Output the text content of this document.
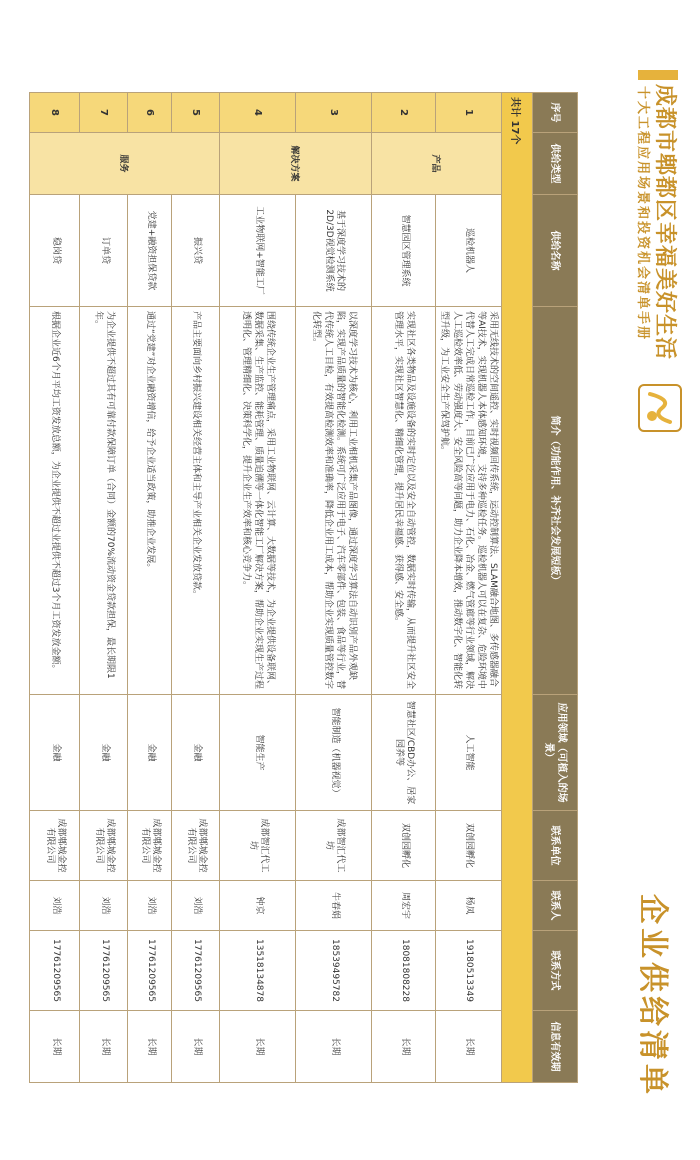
成都市郫都区幸福美好生活
十大工程应用场景和投资机会清单手册
企业供给清单
序号	供给类型	供给名称	简介（功能作用、补齐社会发展短板）	应用领域（可植入的场景）	联系单位	联系人	联系方式	信息有效期
共计 17个								
1	产品	巡检机器人	采用无线技术的空间遥控、实时视频回传系统，运动控制算法、SLAM融合地图、多传感器融合等AI技术，实现机器人本体感知环境，支持多种巡检任务。巡检机器人可以在复杂、危险环境中代替人工完成日常巡检工作，目前已广泛应用于电力、石化、冶金、燃气管廊等行业领域，解决人工巡检效率低、劳动强度大、安全风险高等问题，助力企业降本增效，推动数字化、智能化转型升级，为工业安全生产保驾护航。	人工智能	双创园孵化	杨凤	19180513349	长期
2		智慧园区管理系统	实现社区各类物品及设施设备的实时定位以及安全自动管控，数据实时传输，从而提升社区安全管理水平，实现社区智慧化、精细化管理，提升居民幸福感、获得感、安全感。	智慧社区/CBD办公、居家园养等	双创园孵化	周宏宇	18081808228	长期
3	解决方案	基于深度学习技术的2D/3D视觉检测系统	以深度学习技术为核心，利用工业相机采集产品图像，通过深度学习算法自动识别产品外观缺陷，实现产品质量的智能化检测。系统可广泛应用于电子、汽车零部件、包装、食品等行业，替代传统人工目检，有效提高检测效率和准确率，降低企业用工成本，帮助企业实现质量管控数字化转型。	智能制造（机器视觉）	成都智汇代工坊	牛春娟	18539495782	长期
4		工业物联网+智能工厂	围绕传统企业生产管理痛点，采用工业物联网、云计算、大数据等技术，为企业提供设备联网、数据采集、生产监控、能耗管理、质量追溯等一体化智能工厂解决方案，帮助企业实现生产过程透明化、管理精细化、决策科学化，提升企业生产效率和核心竞争力。	智能生产	成都智汇代工坊	钟京	13518134878	长期
5	服务	振兴贷	产品主要面向乡村振兴建设相关经营主体和主导产业相关企业发放贷款。	金融	成都郫城金控有限公司	刘浩	17761209565	长期
6		党建+融资担保贷款	通过“党建”对企业融资增信，给予企业适当政策，助推企业发展。	金融	成都郫城金控有限公司	刘浩	17761209565	长期
7		订单贷	为企业提供不超过其有可靠付款保障订单（合同）金额的70%流动资金贷款担保，最长期限1年。	金融	成都郫城金控有限公司	刘浩	17761209565	长期
8		稳岗贷	根据企业近6个月平均工资发放总额，为企业提供不超过业提供不超过3个月工资发放金额。	金融	成都郫城金控有限公司	刘浩	17761209565	长期
